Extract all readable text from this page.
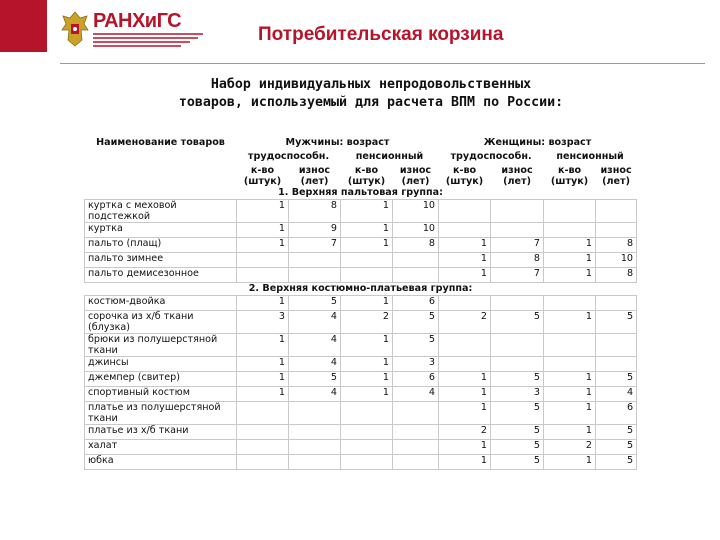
РАНХиГС
Потребительская корзина
Набор индивидуальных непродовольственных
товаров, используемый для расчета ВПМ по России:
Наименование товаров	Мужчины: возраст				Женщины: возраст			
	трудоспособн.		пенсионный		трудоспособн.		пенсионный	
	к-во (штук)	износ (лет)	к-во (штук)	износ (лет)	к-во (штук)	износ (лет)	к-во (штук)	износ (лет)
1. Верхняя пальтовая группа:								
куртка с меховой подстежкой	1	8	1	10				
куртка	1	9	1	10				
пальто (плащ)	1	7	1	8	1	7	1	8
пальто зимнее					1	8	1	10
пальто демисезонное					1	7	1	8
2. Верхняя костюмно-платьевая группа:								
костюм-двойка	1	5	1	6				
сорочка из х/б ткани (блузка)	3	4	2	5	2	5	1	5
брюки из полушерстяной ткани	1	4	1	5				
джинсы	1	4	1	3				
джемпер (свитер)	1	5	1	6	1	5	1	5
спортивный костюм	1	4	1	4	1	3	1	4
платье из полушерстяной ткани					1	5	1	6
платье из х/б ткани					2	5	1	5
халат					1	5	2	5
юбка					1	5	1	5
